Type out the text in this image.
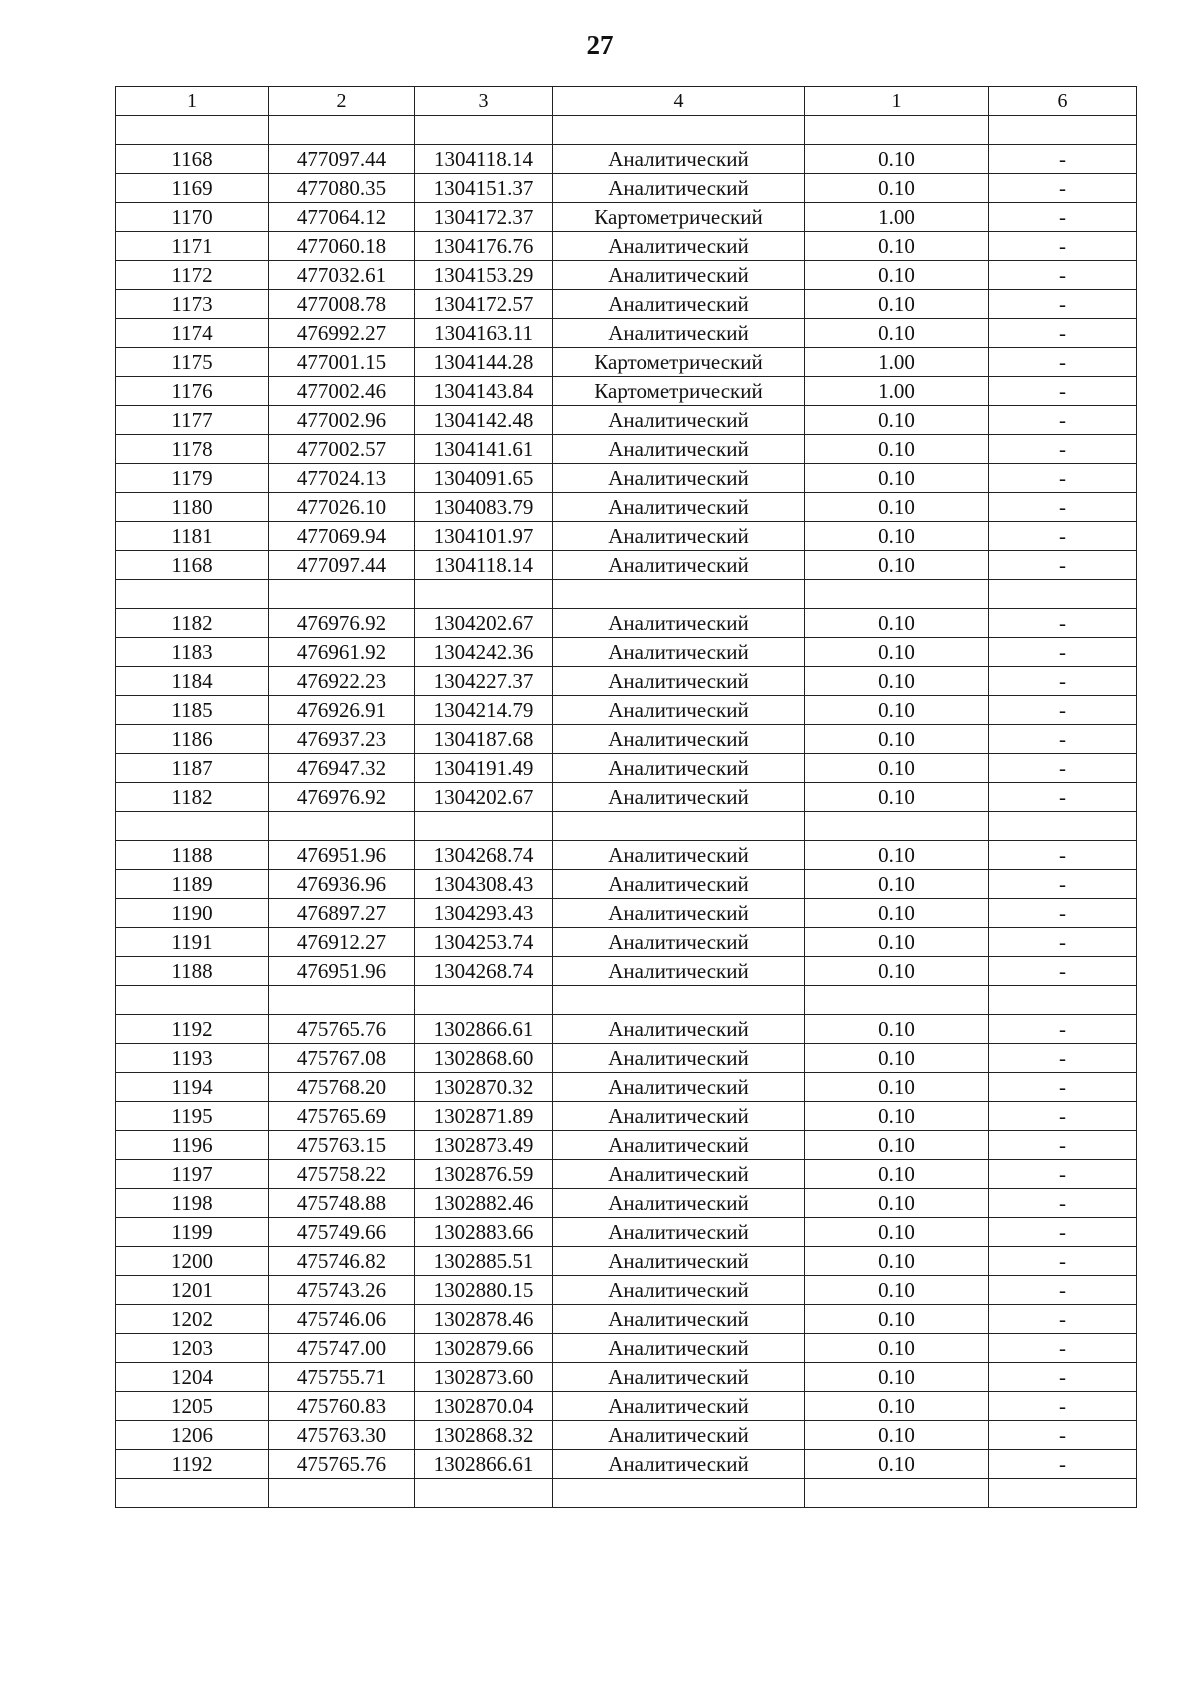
27
1	2	3	4	1	6

1168	477097.44	1304118.14	Аналитический	0.10	-
1169	477080.35	1304151.37	Аналитический	0.10	-
1170	477064.12	1304172.37	Картометрический	1.00	-
1171	477060.18	1304176.76	Аналитический	0.10	-
1172	477032.61	1304153.29	Аналитический	0.10	-
1173	477008.78	1304172.57	Аналитический	0.10	-
1174	476992.27	1304163.11	Аналитический	0.10	-
1175	477001.15	1304144.28	Картометрический	1.00	-
1176	477002.46	1304143.84	Картометрический	1.00	-
1177	477002.96	1304142.48	Аналитический	0.10	-
1178	477002.57	1304141.61	Аналитический	0.10	-
1179	477024.13	1304091.65	Аналитический	0.10	-
1180	477026.10	1304083.79	Аналитический	0.10	-
1181	477069.94	1304101.97	Аналитический	0.10	-
1168	477097.44	1304118.14	Аналитический	0.10	-

1182	476976.92	1304202.67	Аналитический	0.10	-
1183	476961.92	1304242.36	Аналитический	0.10	-
1184	476922.23	1304227.37	Аналитический	0.10	-
1185	476926.91	1304214.79	Аналитический	0.10	-
1186	476937.23	1304187.68	Аналитический	0.10	-
1187	476947.32	1304191.49	Аналитический	0.10	-
1182	476976.92	1304202.67	Аналитический	0.10	-

1188	476951.96	1304268.74	Аналитический	0.10	-
1189	476936.96	1304308.43	Аналитический	0.10	-
1190	476897.27	1304293.43	Аналитический	0.10	-
1191	476912.27	1304253.74	Аналитический	0.10	-
1188	476951.96	1304268.74	Аналитический	0.10	-

1192	475765.76	1302866.61	Аналитический	0.10	-
1193	475767.08	1302868.60	Аналитический	0.10	-
1194	475768.20	1302870.32	Аналитический	0.10	-
1195	475765.69	1302871.89	Аналитический	0.10	-
1196	475763.15	1302873.49	Аналитический	0.10	-
1197	475758.22	1302876.59	Аналитический	0.10	-
1198	475748.88	1302882.46	Аналитический	0.10	-
1199	475749.66	1302883.66	Аналитический	0.10	-
1200	475746.82	1302885.51	Аналитический	0.10	-
1201	475743.26	1302880.15	Аналитический	0.10	-
1202	475746.06	1302878.46	Аналитический	0.10	-
1203	475747.00	1302879.66	Аналитический	0.10	-
1204	475755.71	1302873.60	Аналитический	0.10	-
1205	475760.83	1302870.04	Аналитический	0.10	-
1206	475763.30	1302868.32	Аналитический	0.10	-
1192	475765.76	1302866.61	Аналитический	0.10	-
